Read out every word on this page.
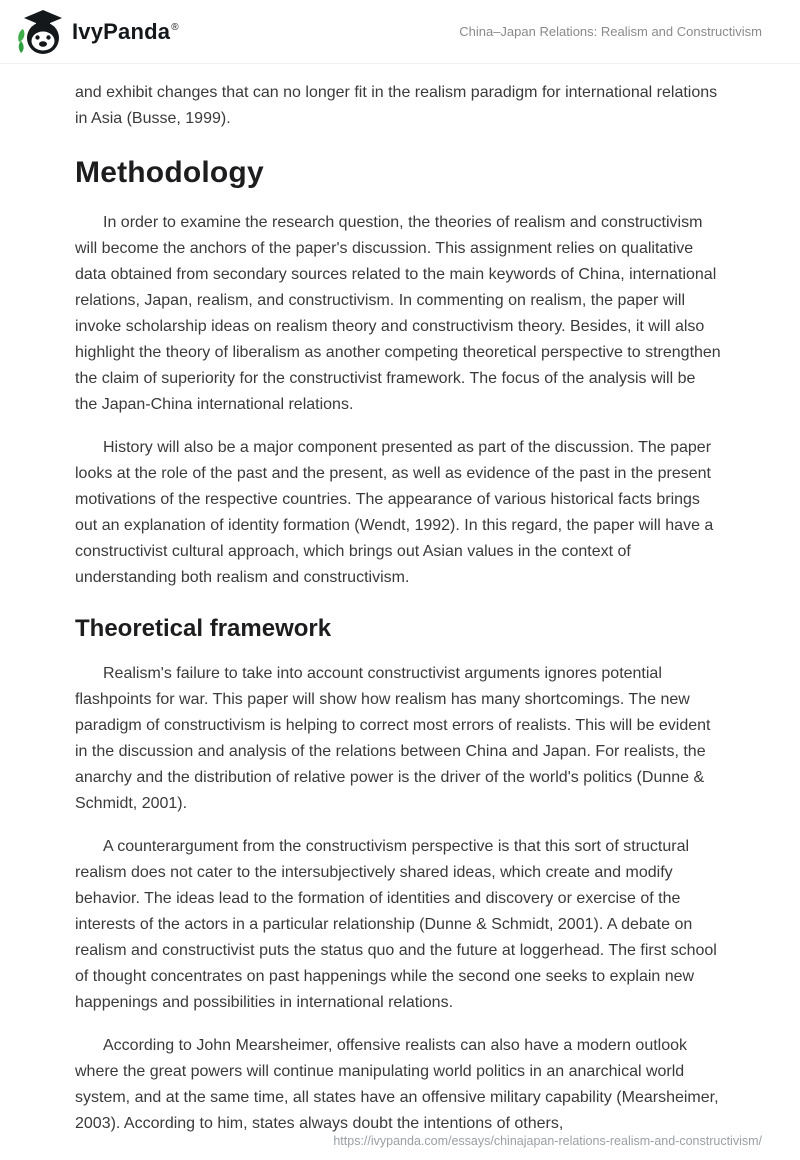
IvyPanda®	China–Japan Relations: Realism and Constructivism

and exhibit changes that can no longer fit in the realism paradigm for international relations in Asia (Busse, 1999).

Methodology

In order to examine the research question, the theories of realism and constructivism will become the anchors of the paper's discussion. This assignment relies on qualitative data obtained from secondary sources related to the main keywords of China, international relations, Japan, realism, and constructivism. In commenting on realism, the paper will invoke scholarship ideas on realism theory and constructivism theory. Besides, it will also highlight the theory of liberalism as another competing theoretical perspective to strengthen the claim of superiority for the constructivist framework. The focus of the analysis will be the Japan-China international relations.

History will also be a major component presented as part of the discussion. The paper looks at the role of the past and the present, as well as evidence of the past in the present motivations of the respective countries. The appearance of various historical facts brings out an explanation of identity formation (Wendt, 1992). In this regard, the paper will have a constructivist cultural approach, which brings out Asian values in the context of understanding both realism and constructivism.

Theoretical framework

Realism's failure to take into account constructivist arguments ignores potential flashpoints for war. This paper will show how realism has many shortcomings. The new paradigm of constructivism is helping to correct most errors of realists. This will be evident in the discussion and analysis of the relations between China and Japan. For realists, the anarchy and the distribution of relative power is the driver of the world's politics (Dunne & Schmidt, 2001).

A counterargument from the constructivism perspective is that this sort of structural realism does not cater to the intersubjectively shared ideas, which create and modify behavior. The ideas lead to the formation of identities and discovery or exercise of the interests of the actors in a particular relationship (Dunne & Schmidt, 2001). A debate on realism and constructivist puts the status quo and the future at loggerhead. The first school of thought concentrates on past happenings while the second one seeks to explain new happenings and possibilities in international relations.

According to John Mearsheimer, offensive realists can also have a modern outlook where the great powers will continue manipulating world politics in an anarchical world system, and at the same time, all states have an offensive military capability (Mearsheimer, 2003). According to him, states always doubt the intentions of others,

https://ivypanda.com/essays/chinajapan-relations-realism-and-constructivism/
